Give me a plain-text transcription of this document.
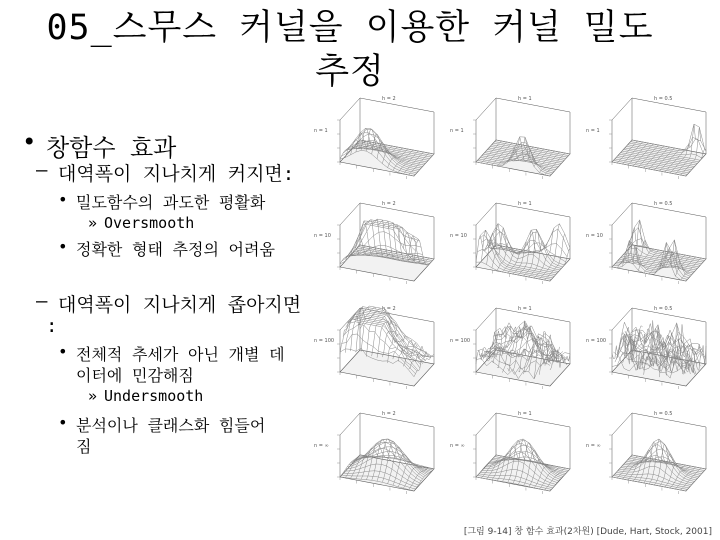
05_스무스 커널을 이용한 커널 밀도 추정
• 창함수 효과
– 대역폭이 지나치게 커지면:
• 밀도함수의 과도한 평활화
» Oversmooth
• 정확한 형태 추정의 어려움
– 대역폭이 지나치게 좁아지면
:
• 전체적 추세가 아닌 개별 데
이터에 민감해짐
» Undersmooth
• 분석이나 클래스화 힘들어
짐
h = 2
n = 1
h = 1
n = 1
h = 0.5
n = 1
h = 2
n = 10
h = 1
n = 10
h = 0.5
n = 10
h = 2
n = 100
h = 1
n = 100
h = 0.5
n = 100
h = 2
n = ∞
h = 1
n = ∞
h = 0.5
n = ∞
[그림 9-14] 창 함수 효과(2차원) [Dude, Hart, Stock, 2001]
